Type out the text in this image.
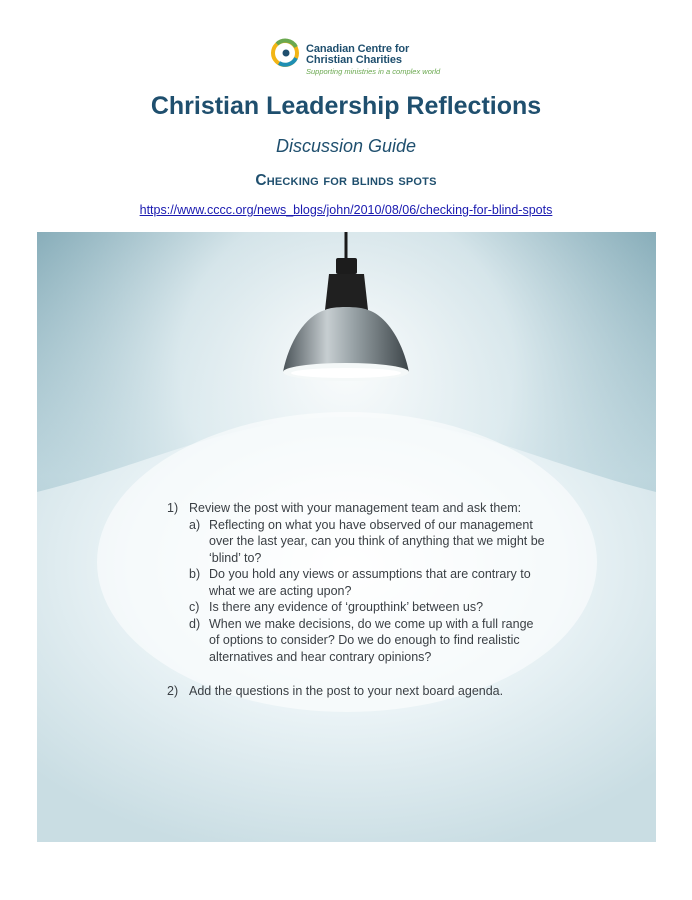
Canadian Centre for
Christian Charities
Supporting ministries in a complex world
Christian Leadership Reflections
Discussion Guide
Checking for blinds spots
https://www.cccc.org/news_blogs/john/2010/08/06/checking-for-blind-spots
1) Review the post with your management team and ask them:
a) Reflecting on what you have observed of our management over the last year, can you think of anything that we might be ‘blind’ to?
b) Do you hold any views or assumptions that are contrary to what we are acting upon?
c) Is there any evidence of ‘groupthink’ between us?
d) When we make decisions, do we come up with a full range of options to consider? Do we do enough to find realistic alternatives and hear contrary opinions?
2) Add the questions in the post to your next board agenda.
